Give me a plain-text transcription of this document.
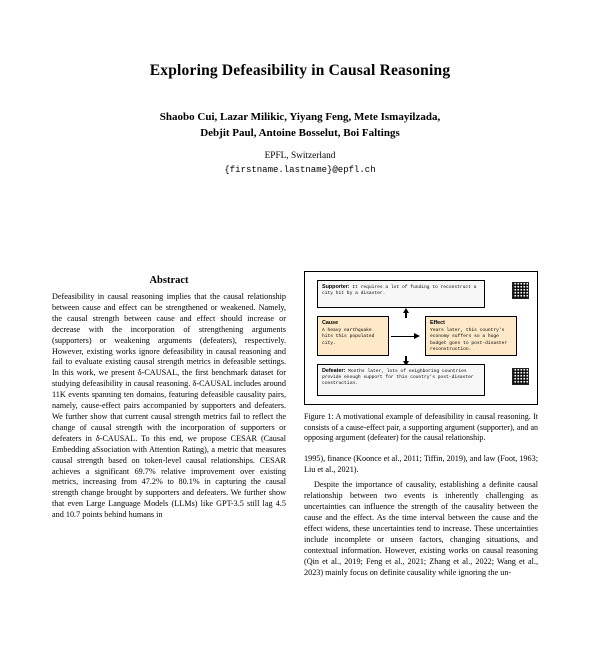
Exploring Defeasibility in Causal Reasoning
Shaobo Cui, Lazar Milikic, Yiyang Feng, Mete Ismayilzada,
Debjit Paul, Antoine Bosselut, Boi Faltings
EPFL, Switzerland
{firstname.lastname}@epfl.ch
Abstract

Defeasibility in causal reasoning implies that the causal relationship between cause and effect can be strengthened or weakened. Namely, the causal strength between cause and effect should increase or decrease with the incorporation of strengthening arguments (supporters) or weakening arguments (defeaters), respectively. However, existing works ignore defeasibility in causal reasoning and fail to evaluate existing causal strength metrics in defeasible settings. In this work, we present δ-CAUSAL, the first benchmark dataset for studying defeasibility in causal reasoning. δ-CAUSAL includes around 11K events spanning ten domains, featuring defeasible causality pairs, namely, cause-effect pairs accompanied by supporters and defeaters. We further show that current causal strength metrics fail to reflect the change of causal strength with the incorporation of supporters or defeaters in δ-CAUSAL. To this end, we propose CESAR (Causal Embedding aSsociation with Attention Rating), a metric that measures causal strength based on token-level causal relationships. CESAR achieves a significant 69.7% relative improvement over existing metrics, increasing from 47.2% to 80.1% in capturing the causal strength change brought by supporters and defeaters. We further show that even Large Language Models (LLMs) like GPT-3.5 still lag 4.5 and 10.7 points behind humans in

Supporter: It requires a lot of funding to reconstruct a city hit by a disaster.
Cause
A heavy earthquake hits this populated city.
Effect
Years later, this country's economy suffers so a huge budget goes to post-disaster reconstruction.
Defeater: Months later, lots of neighboring countries provide enough support for this country's post-disaster construction.
Figure 1: A motivational example of defeasibility in causal reasoning. It consists of a cause-effect pair, a supporting argument (supporter), and an opposing argument (defeater) for the causal relationship.

1995), finance (Koonce et al., 2011; Tiffin, 2019), and law (Foot, 1963; Liu et al., 2021).

Despite the importance of causality, establishing a definite causal relationship between two events is inherently challenging as uncertainties can influence the strength of the causality between the cause and the effect. As the time interval between the cause and the effect widens, these uncertainties tend to increase. These uncertainties include incomplete or unseen factors, changing situations, and contextual information. However, existing works on causal reasoning (Qin et al., 2019; Feng et al., 2021; Zhang et al., 2022; Wang et al., 2023) mainly focus on definite causality while ignoring the un-
